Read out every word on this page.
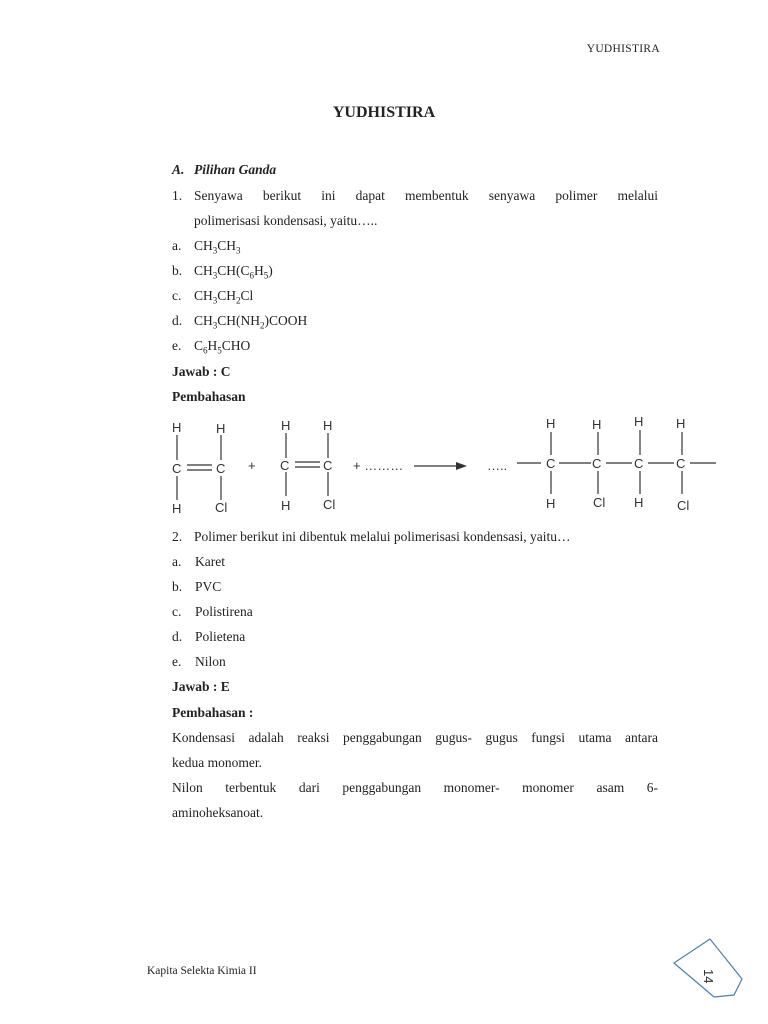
YUDHISTIRA
YUDHISTIRA
A. Pilihan Ganda
1. Senyawa berikut ini dapat membentuk senyawa polimer melalui
polimerisasi kondensasi, yaitu…..
a. $CH_3CH_3$
b. $CH_3CH(C_6H_5)$
c. $CH_3CH_2Cl$
d. $CH_3CH(NH_2)COOH$
e. $C_6H_5CHO$
Jawab : C
Pembahasan
H	H
C	C
H	Cl
+
H	H
C	C
H	Cl
+ ………	…..
H
C
H
H
C
Cl
H
C
H
H
C
Cl
2. Polimer berikut ini dibentuk melalui polimerisasi kondensasi, yaitu…
a. Karet
b. PVC
c. Polistirena
d. Polietena
e. Nilon
Jawab : E
Pembahasan :
Kondensasi adalah reaksi penggabungan gugus- gugus fungsi utama antara
kedua monomer.
Nilon terbentuk dari penggabungan monomer- monomer asam 6-
aminoheksanoat.
Kapita Selekta Kimia II	14
